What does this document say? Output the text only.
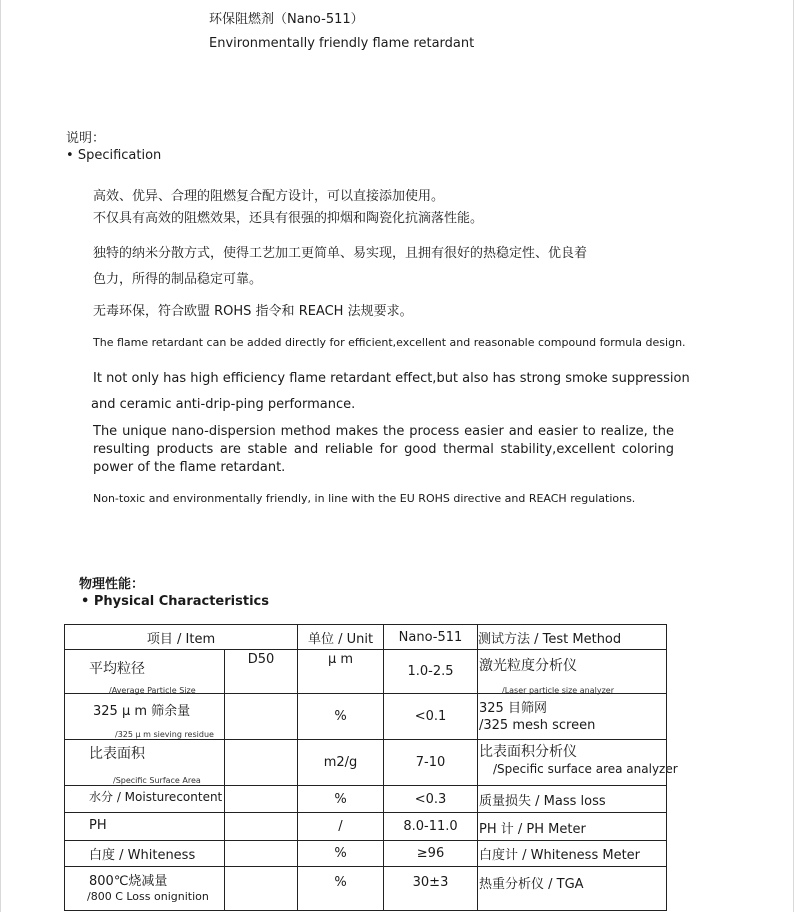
环保阻燃剂（Nano-511）
Environmentally friendly flame retardant
说明：
• Specification
高效、优异、合理的阻燃复合配方设计，可以直接添加使用。
不仅具有高效的阻燃效果，还具有很强的抑烟和陶瓷化抗滴落性能。
独特的纳米分散方式，使得工艺加工更简单、易实现，且拥有很好的热稳定性、优良着
色力，所得的制品稳定可靠。
无毒环保，符合欧盟 ROHS 指令和 REACH 法规要求。
The flame retardant can be added directly for efficient,excellent and reasonable compound formula design.
It not only has high efficiency flame retardant effect,but also has strong smoke suppression
and ceramic anti-drip-ping performance.
The unique nano-dispersion method makes the process easier and easier to realize, the resulting products are stable and reliable for good thermal stability,excellent coloring power of the flame retardant.
Non-toxic and environmentally friendly, in line with the EU ROHS directive and REACH regulations.
物理性能：
• Physical Characteristics
项目 / Item		单位 / Unit	Nano-511	测试方法 / Test Method

平均粒径
/Average Particle Size	D50	μ m	1.0-2.5	激光粒度分析仪
/Laser particle size analyzer

325 μ m 筛余量
/325 μ m sieving residue		%	<0.1	325 目筛网
/325 mesh screen

比表面积
/Specific Surface Area		m2/g	7-10	比表面积分析仪
/Specific surface area analyzer

水分 / Moisturecontent		%	<0.3	质量损失 / Mass loss

PH		/	8.0-11.0	PH 计 / PH Meter

白度 / Whiteness		%	≥96	白度计 / Whiteness Meter

800℃烧减量
/800 C Loss onignition		%	30±3	热重分析仪 / TGA
